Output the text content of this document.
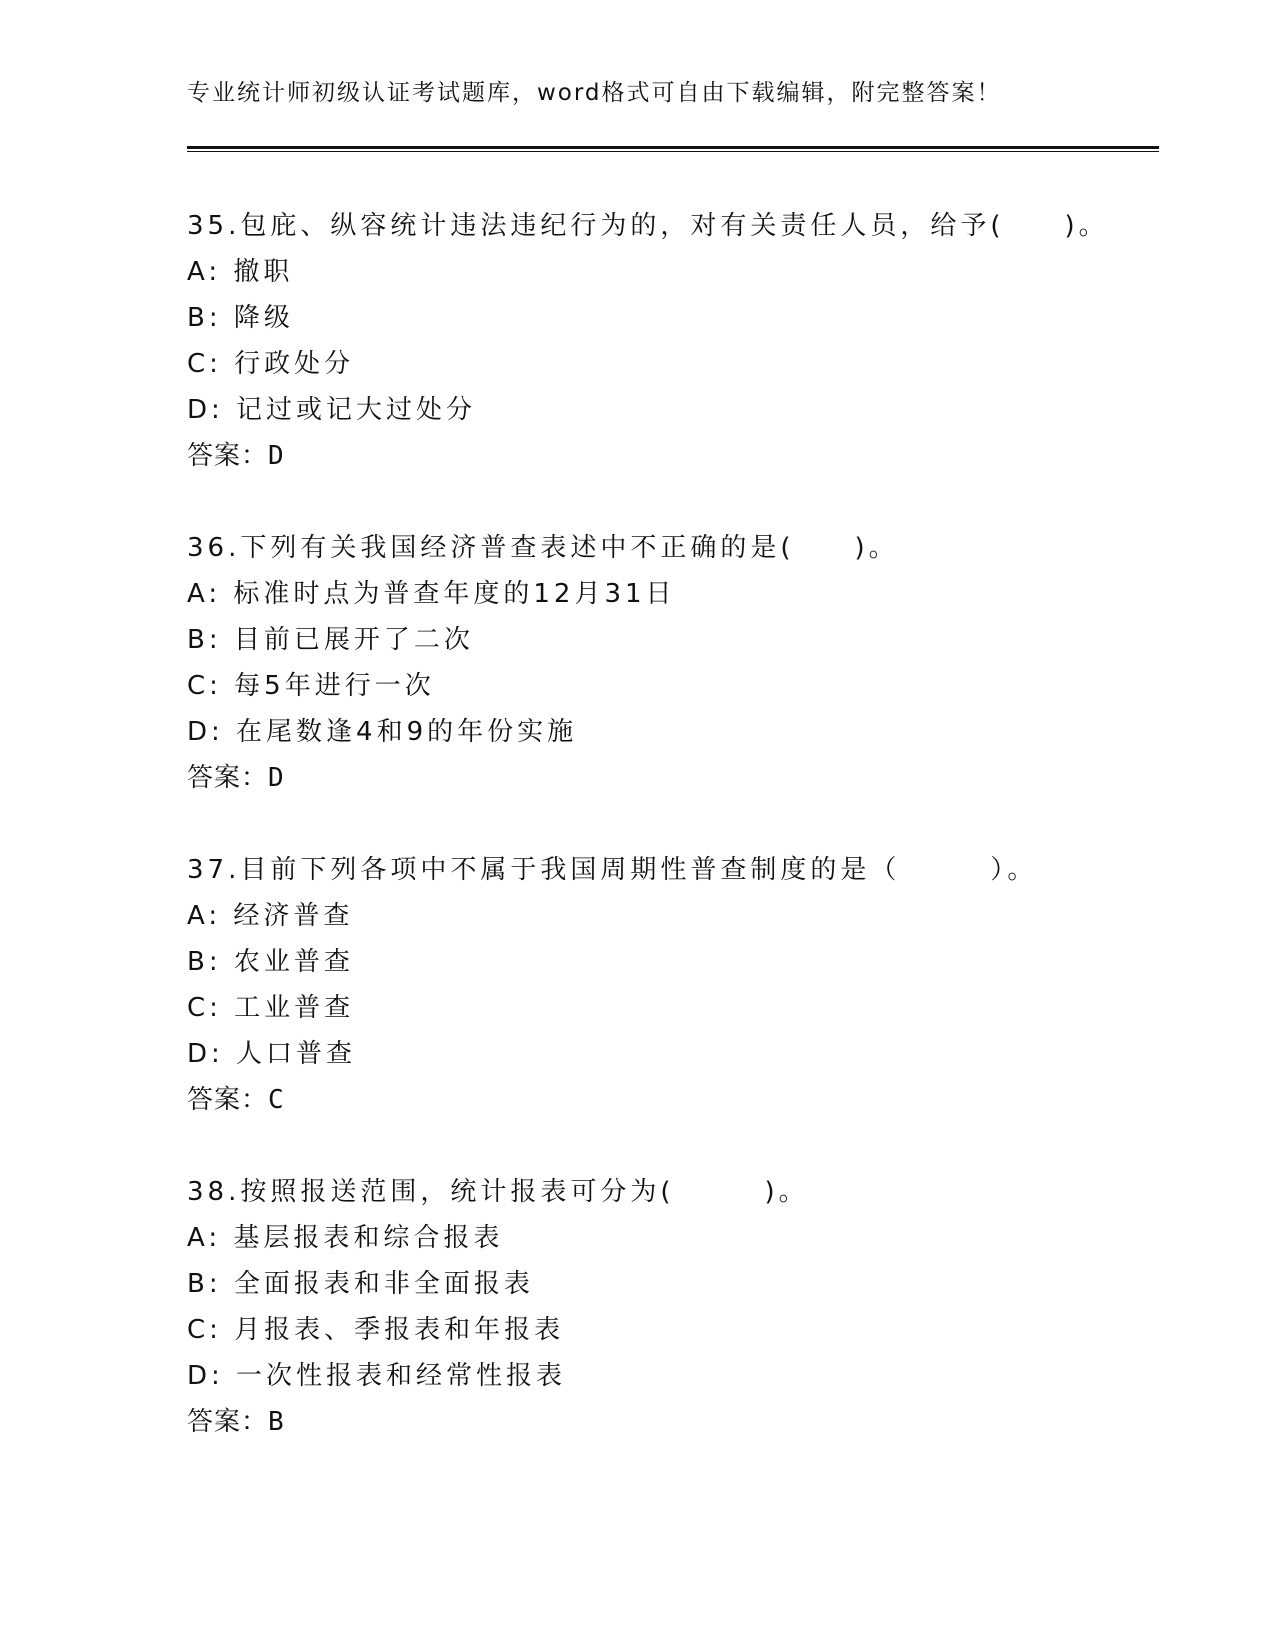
专业统计师初级认证考试题库，word格式可自由下载编辑，附完整答案！
35.包庇、纵容统计违法违纪行为的，对有关责任人员，给予(　　)。
A: 撤职
B: 降级
C: 行政处分
D: 记过或记大过处分
答案：D
36.下列有关我国经济普查表述中不正确的是(　　)。
A: 标准时点为普查年度的12月31日
B: 目前已展开了二次
C: 每5年进行一次
D: 在尾数逢4和9的年份实施
答案：D
37.目前下列各项中不属于我国周期性普查制度的是（　　　）。
A: 经济普查
B: 农业普查
C: 工业普查
D: 人口普查
答案：C
38.按照报送范围，统计报表可分为(　　　)。
A: 基层报表和综合报表
B: 全面报表和非全面报表
C: 月报表、季报表和年报表
D: 一次性报表和经常性报表
答案：B
